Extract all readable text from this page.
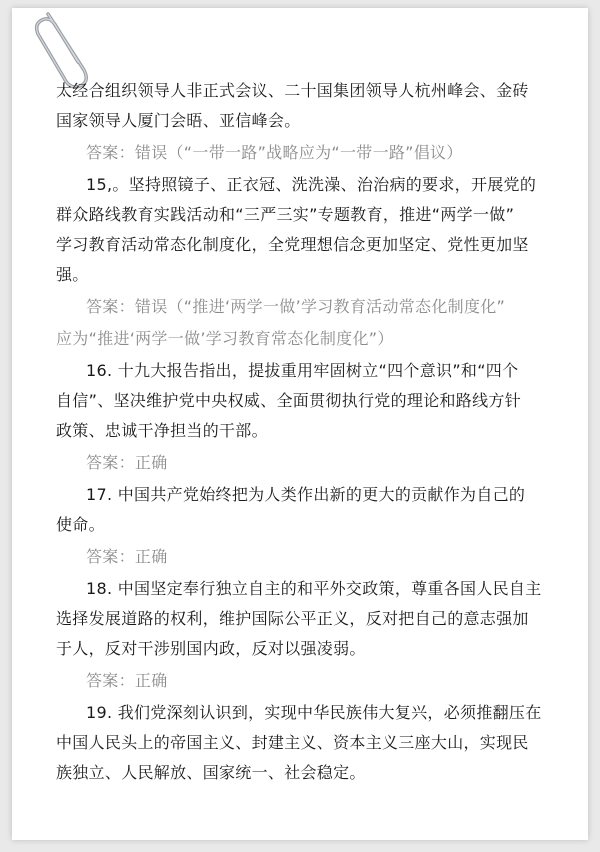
太经合组织领导人非正式会议、二十国集团领导人杭州峰会、金砖

国家领导人厦门会晤、亚信峰会。

答案：错误（“一带一路”战略应为“一带一路”倡议）

15,。坚持照镜子、正衣冠、洗洗澡、治治病的要求，开展党的

群众路线教育实践活动和“三严三实”专题教育，推进“两学一做”

学习教育活动常态化制度化，全党理想信念更加坚定、党性更加坚

强。

答案：错误（“推进‘两学一做’学习教育活动常态化制度化”

应为“推进‘两学一做’学习教育常态化制度化”）

16. 十九大报告指出，提拔重用牢固树立“四个意识”和“四个

自信”、坚决维护党中央权威、全面贯彻执行党的理论和路线方针

政策、忠诚干净担当的干部。

答案：正确

17. 中国共产党始终把为人类作出新的更大的贡献作为自己的

使命。

答案：正确

18. 中国坚定奉行独立自主的和平外交政策，尊重各国人民自主

选择发展道路的权利，维护国际公平正义，反对把自己的意志强加

于人，反对干涉别国内政，反对以强凌弱。

答案：正确

19. 我们党深刻认识到，实现中华民族伟大复兴，必须推翻压在

中国人民头上的帝国主义、封建主义、资本主义三座大山，实现民

族独立、人民解放、国家统一、社会稳定。
